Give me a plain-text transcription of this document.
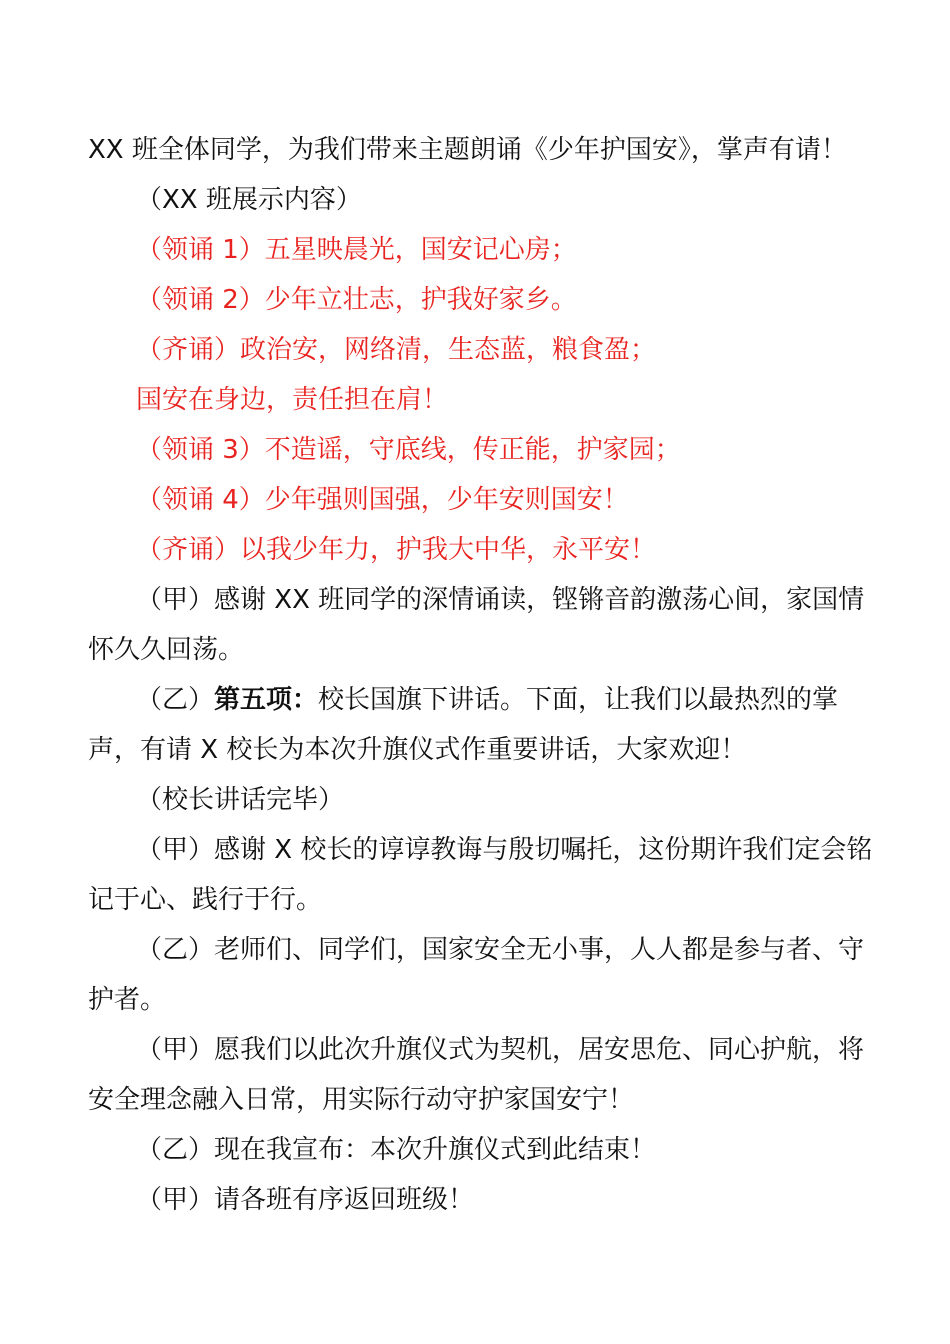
XX 班全体同学，为我们带来主题朗诵《少年护国安》，掌声有请！
（XX 班展示内容）
（领诵 1）五星映晨光，国安记心房；
（领诵 2）少年立壮志，护我好家乡。
（齐诵）政治安，网络清，生态蓝，粮食盈；
国安在身边，责任担在肩！
（领诵 3）不造谣，守底线，传正能，护家园；
（领诵 4）少年强则国强，少年安则国安！
（齐诵）以我少年力，护我大中华，永平安！
（甲）感谢 XX 班同学的深情诵读，铿锵音韵激荡心间，家国情
怀久久回荡。
（乙）第五项：校长国旗下讲话。下面，让我们以最热烈的掌
声，有请 X 校长为本次升旗仪式作重要讲话，大家欢迎！
（校长讲话完毕）
（甲）感谢 X 校长的谆谆教诲与殷切嘱托，这份期许我们定会铭
记于心、践行于行。
（乙）老师们、同学们，国家安全无小事，人人都是参与者、守
护者。
（甲）愿我们以此次升旗仪式为契机，居安思危、同心护航，将
安全理念融入日常，用实际行动守护家国安宁！
（乙）现在我宣布：本次升旗仪式到此结束！
（甲）请各班有序返回班级！
